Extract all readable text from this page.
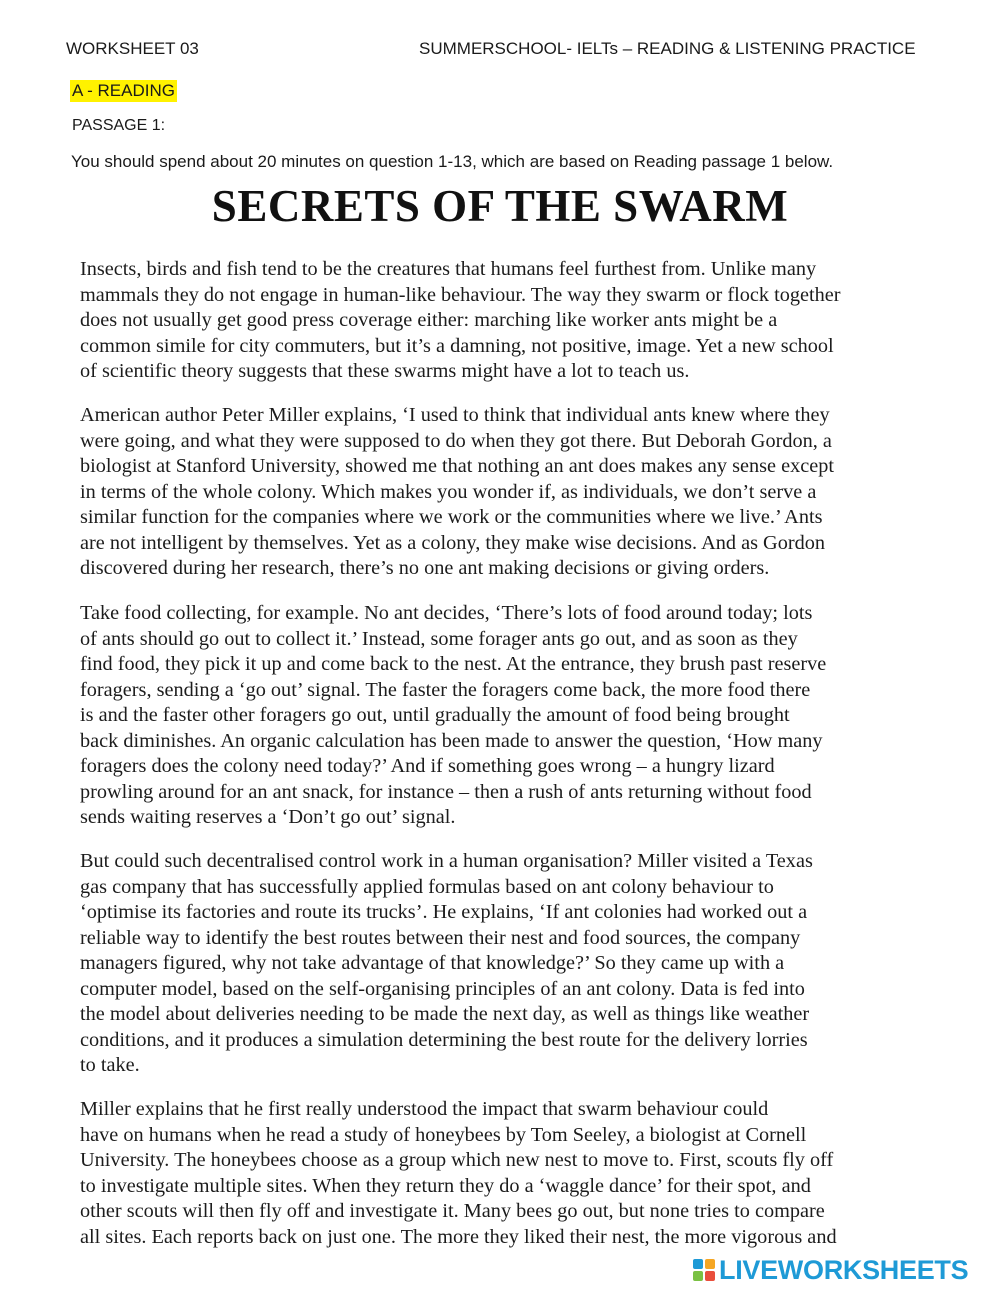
WORKSHEET 03	SUMMERSCHOOL- IELTs – READING & LISTENING PRACTICE
A - READING
PASSAGE 1:
You should spend about 20 minutes on question 1-13, which are based on Reading passage 1 below.
SECRETS OF THE SWARM

Insects, birds and fish tend to be the creatures that humans feel furthest from. Unlike many
mammals they do not engage in human-like behaviour. The way they swarm or flock together
does not usually get good press coverage either: marching like worker ants might be a
common simile for city commuters, but it’s a damning, not positive, image. Yet a new school
of scientific theory suggests that these swarms might have a lot to teach us.

American author Peter Miller explains, ‘I used to think that individual ants knew where they
were going, and what they were supposed to do when they got there. But Deborah Gordon, a
biologist at Stanford University, showed me that nothing an ant does makes any sense except
in terms of the whole colony. Which makes you wonder if, as individuals, we don’t serve a
similar function for the companies where we work or the communities where we live.’ Ants
are not intelligent by themselves. Yet as a colony, they make wise decisions. And as Gordon
discovered during her research, there’s no one ant making decisions or giving orders.

Take food collecting, for example. No ant decides, ‘There’s lots of food around today; lots
of ants should go out to collect it.’ Instead, some forager ants go out, and as soon as they
find food, they pick it up and come back to the nest. At the entrance, they brush past reserve
foragers, sending a ‘go out’ signal. The faster the foragers come back, the more food there
is and the faster other foragers go out, until gradually the amount of food being brought
back diminishes. An organic calculation has been made to answer the question, ‘How many
foragers does the colony need today?’ And if something goes wrong – a hungry lizard
prowling around for an ant snack, for instance – then a rush of ants returning without food
sends waiting reserves a ‘Don’t go out’ signal.

But could such decentralised control work in a human organisation? Miller visited a Texas
gas company that has successfully applied formulas based on ant colony behaviour to
‘optimise its factories and route its trucks’. He explains, ‘If ant colonies had worked out a
reliable way to identify the best routes between their nest and food sources, the company
managers figured, why not take advantage of that knowledge?’ So they came up with a
computer model, based on the self-organising principles of an ant colony. Data is fed into
the model about deliveries needing to be made the next day, as well as things like weather
conditions, and it produces a simulation determining the best route for the delivery lorries
to take.

Miller explains that he first really understood the impact that swarm behaviour could
have on humans when he read a study of honeybees by Tom Seeley, a biologist at Cornell
University. The honeybees choose as a group which new nest to move to. First, scouts fly off
to investigate multiple sites. When they return they do a ‘waggle dance’ for their spot, and
other scouts will then fly off and investigate it. Many bees go out, but none tries to compare
all sites. Each reports back on just one. The more they liked their nest, the more vigorous and

LIVEWORKSHEETS
